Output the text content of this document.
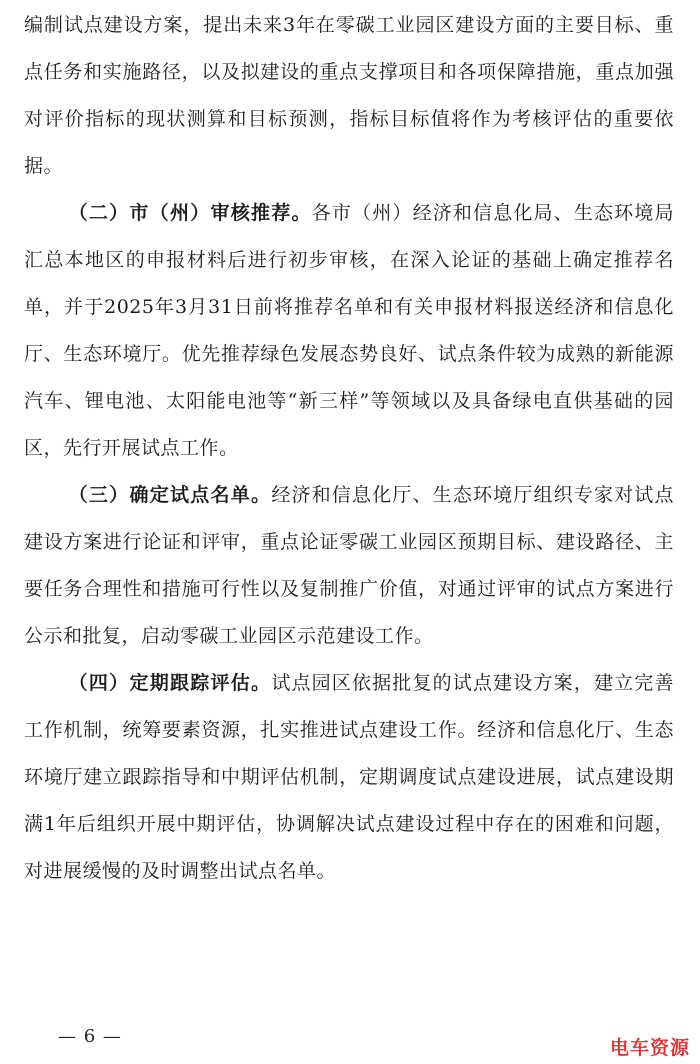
编制试点建设方案，提出未来3年在零碳工业园区建设方面的主要目标、重点任务和实施路径，以及拟建设的重点支撑项目和各项保障措施，重点加强对评价指标的现状测算和目标预测，指标目标值将作为考核评估的重要依据。

（二）市（州）审核推荐。各市（州）经济和信息化局、生态环境局汇总本地区的申报材料后进行初步审核，在深入论证的基础上确定推荐名单，并于2025年3月31日前将推荐名单和有关申报材料报送经济和信息化厅、生态环境厅。优先推荐绿色发展态势良好、试点条件较为成熟的新能源汽车、锂电池、太阳能电池等“新三样”等领域以及具备绿电直供基础的园区，先行开展试点工作。

（三）确定试点名单。经济和信息化厅、生态环境厅组织专家对试点建设方案进行论证和评审，重点论证零碳工业园区预期目标、建设路径、主要任务合理性和措施可行性以及复制推广价值，对通过评审的试点方案进行公示和批复，启动零碳工业园区示范建设工作。

（四）定期跟踪评估。试点园区依据批复的试点建设方案，建立完善工作机制，统筹要素资源，扎实推进试点建设工作。经济和信息化厅、生态环境厅建立跟踪指导和中期评估机制，定期调度试点建设进展，试点建设期满1年后组织开展中期评估，协调解决试点建设过程中存在的困难和问题，对进展缓慢的及时调整出试点名单。

— 6 —
电车资源
